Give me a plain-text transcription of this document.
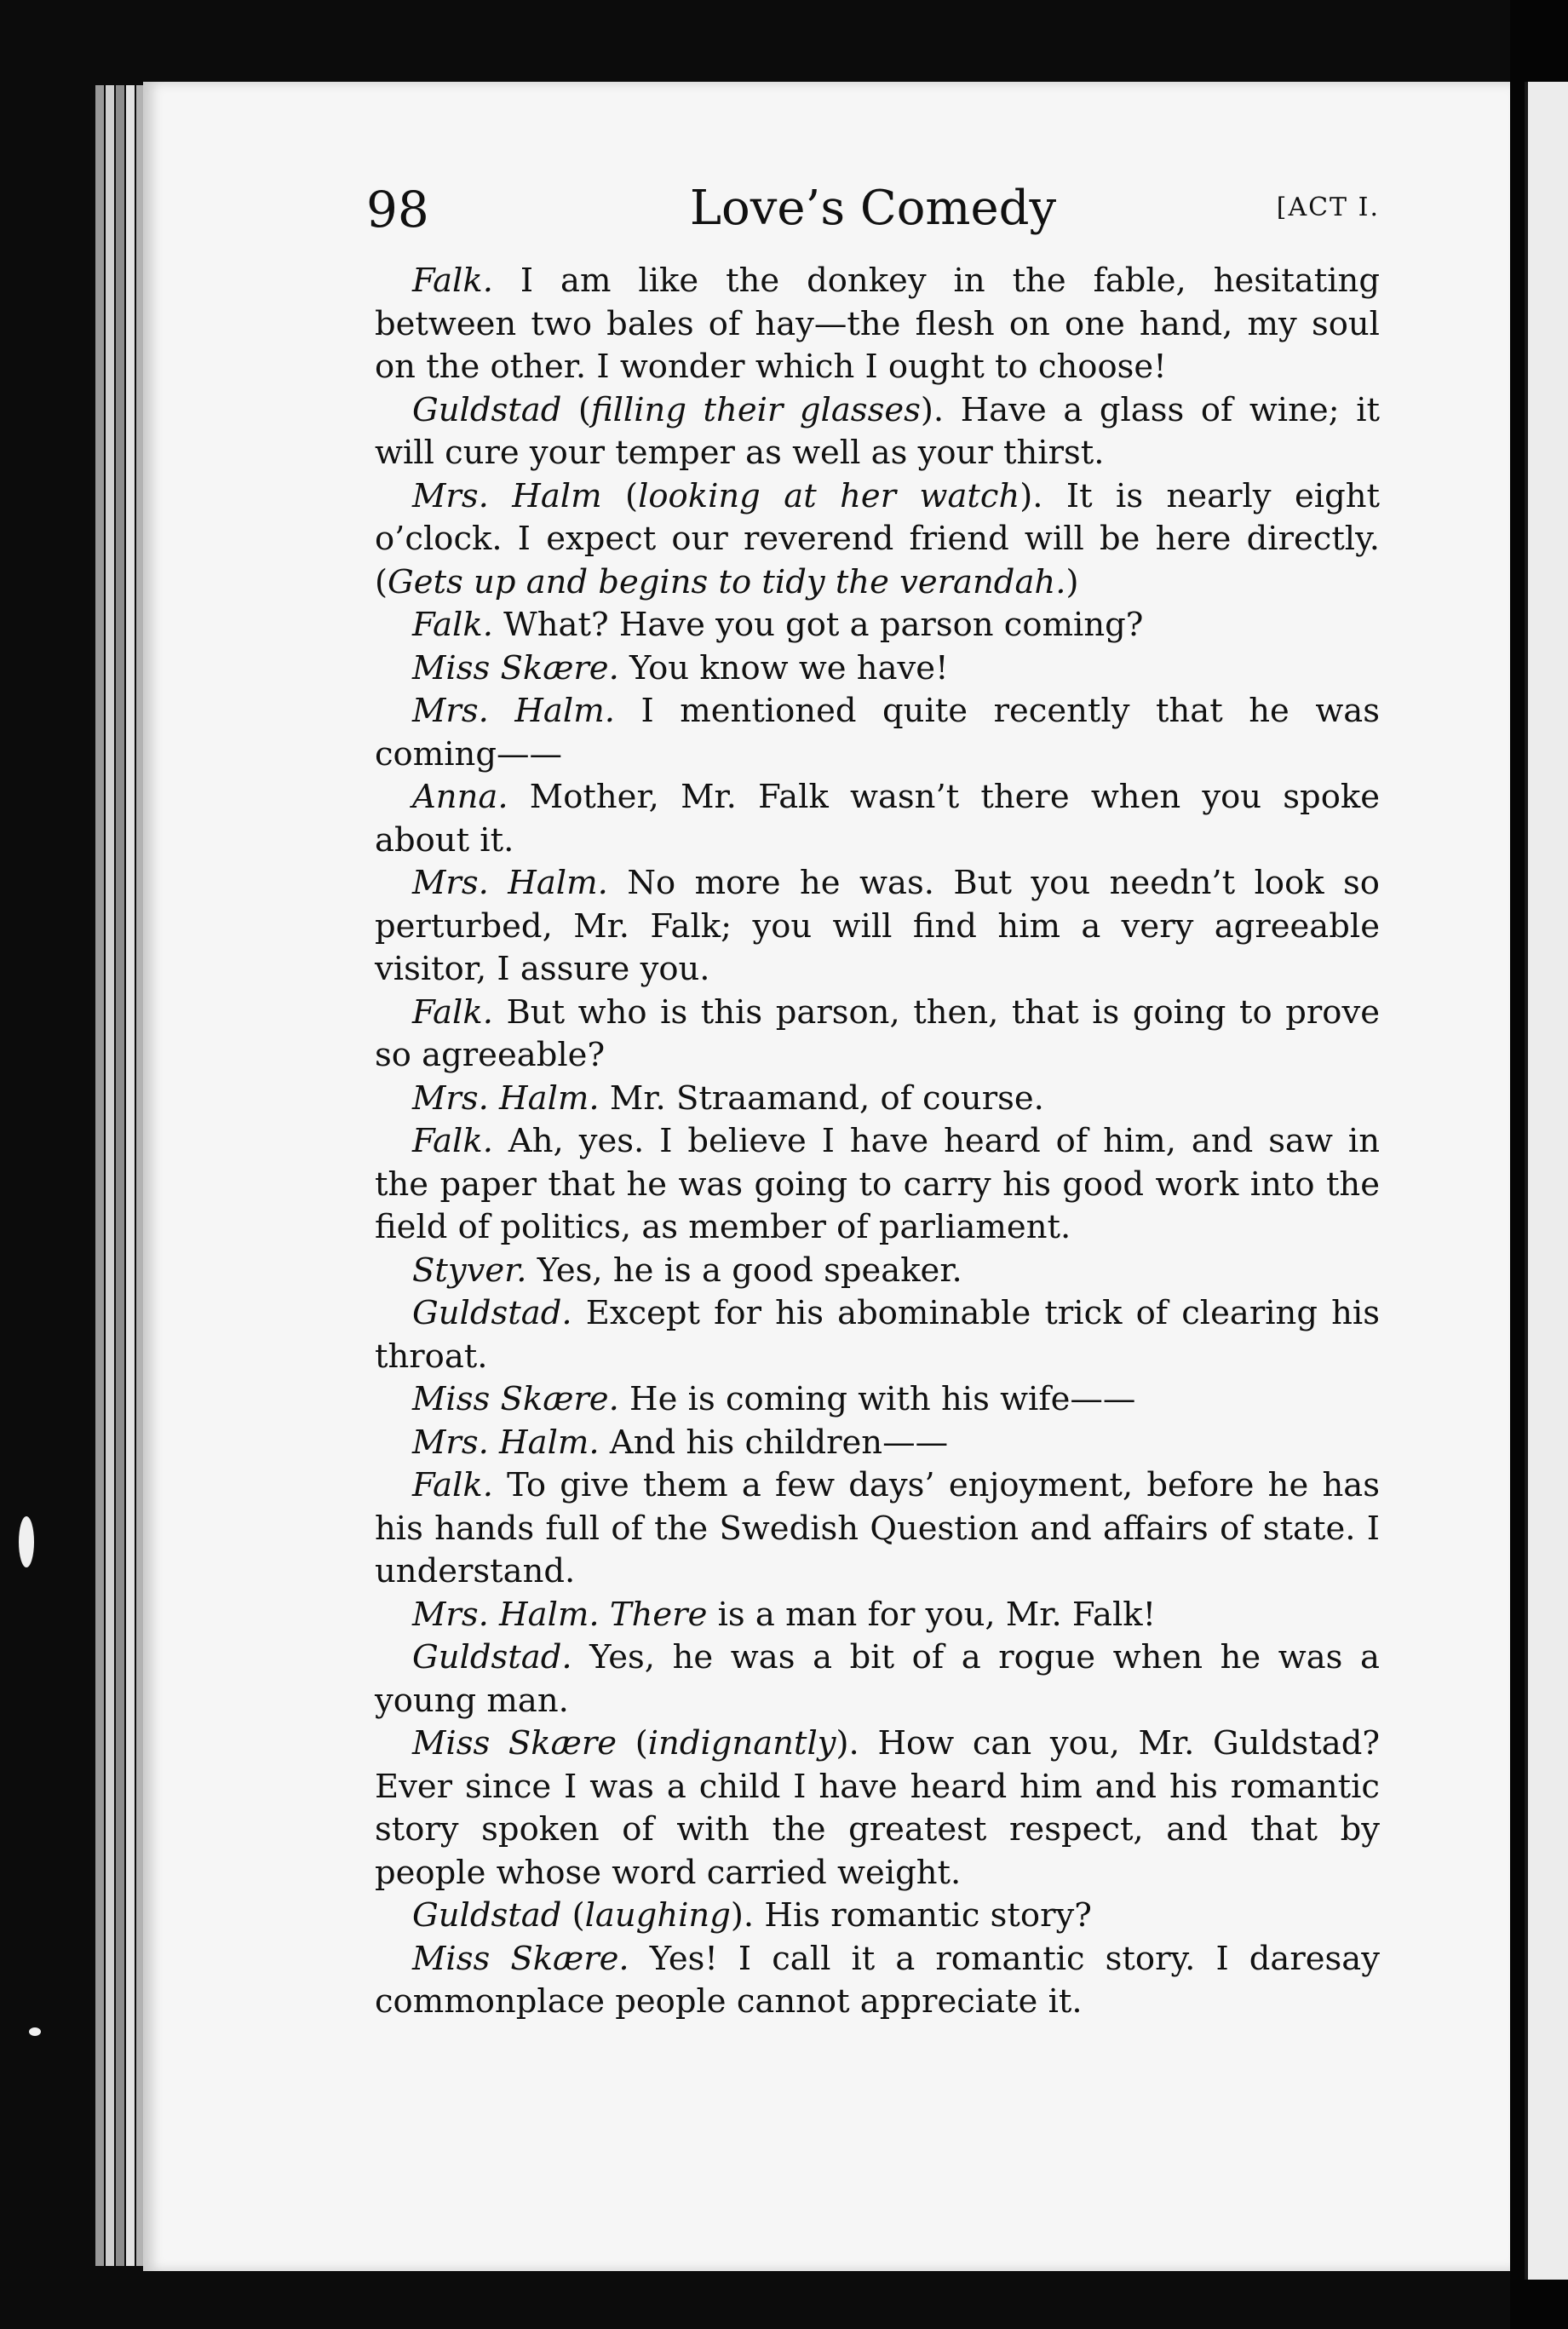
98	Love’s Comedy	[ACT I.

Falk. I am like the donkey in the fable, hesitating between two bales of hay—the flesh on one hand, my soul on the other. I wonder which I ought to choose!

Guldstad (filling their glasses). Have a glass of wine; it will cure your temper as well as your thirst.

Mrs. Halm (looking at her watch). It is nearly eight o’clock. I expect our reverend friend will be here directly. (Gets up and begins to tidy the verandah.)

Falk. What? Have you got a parson coming?

Miss Skære. You know we have!

Mrs. Halm. I mentioned quite recently that he was coming——

Anna. Mother, Mr. Falk wasn’t there when you spoke about it.

Mrs. Halm. No more he was. But you needn’t look so perturbed, Mr. Falk; you will find him a very agreeable visitor, I assure you.

Falk. But who is this parson, then, that is going to prove so agreeable?

Mrs. Halm. Mr. Straamand, of course.

Falk. Ah, yes. I believe I have heard of him, and saw in the paper that he was going to carry his good work into the field of politics, as member of parliament.

Styver. Yes, he is a good speaker.

Guldstad. Except for his abominable trick of clearing his throat.

Miss Skære. He is coming with his wife——

Mrs. Halm. And his children——

Falk. To give them a few days’ enjoyment, before he has his hands full of the Swedish Question and affairs of state. I understand.

Mrs. Halm. There is a man for you, Mr. Falk!

Guldstad. Yes, he was a bit of a rogue when he was a young man.

Miss Skære (indignantly). How can you, Mr. Guldstad? Ever since I was a child I have heard him and his romantic story spoken of with the greatest respect, and that by people whose word carried weight.

Guldstad (laughing). His romantic story?

Miss Skære. Yes! I call it a romantic story. I daresay commonplace people cannot appreciate it.
